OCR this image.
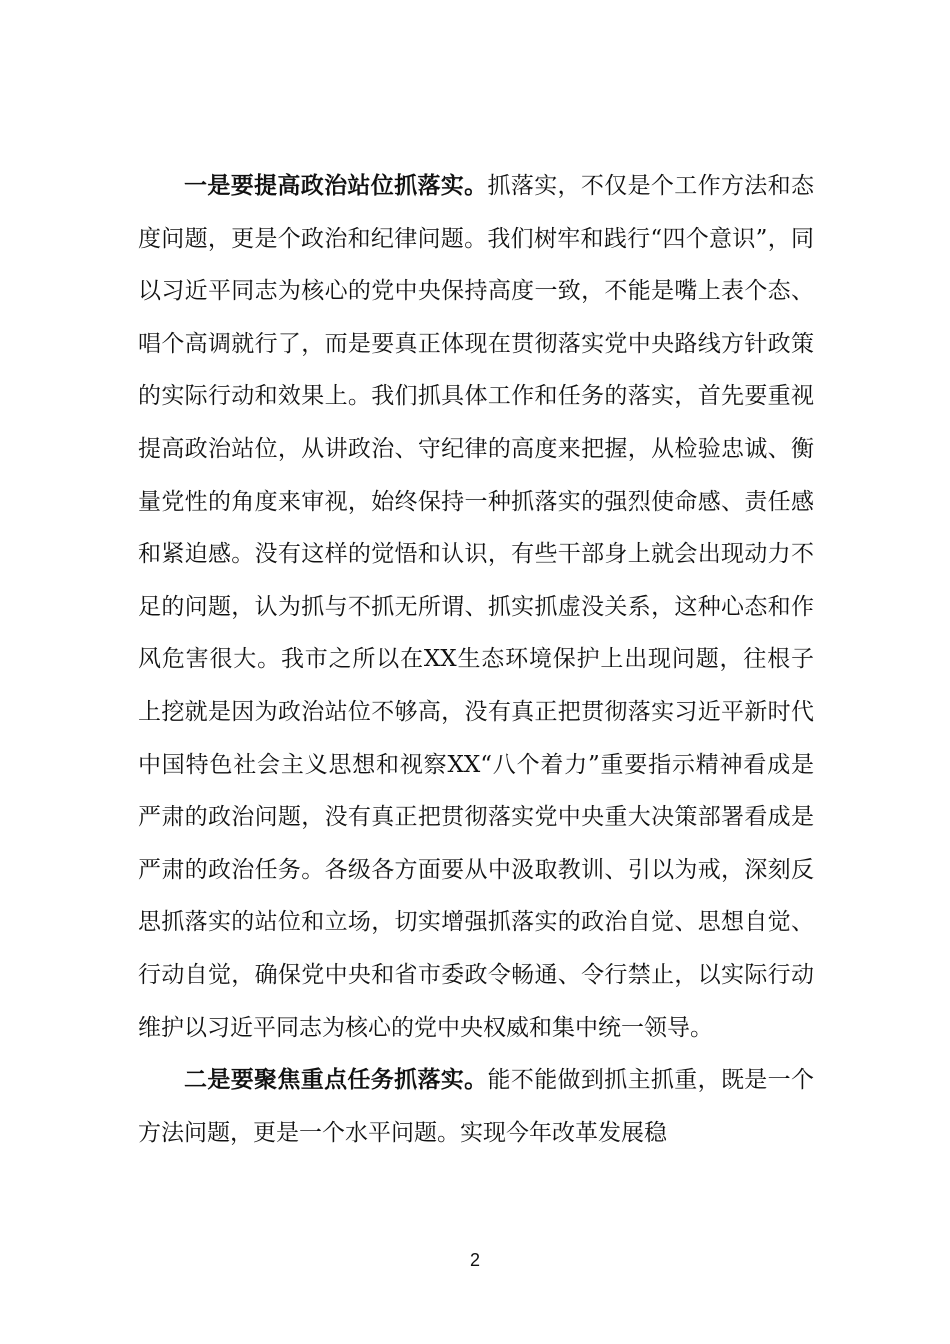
一是要提高政治站位抓落实。抓落实，不仅是个工作方法和态度问题，更是个政治和纪律问题。我们树牢和践行“四个意识”，同以习近平同志为核心的党中央保持高度一致，不能是嘴上表个态、唱个高调就行了，而是要真正体现在贯彻落实党中央路线方针政策的实际行动和效果上。我们抓具体工作和任务的落实，首先要重视提高政治站位，从讲政治、守纪律的高度来把握，从检验忠诚、衡量党性的角度来审视，始终保持一种抓落实的强烈使命感、责任感和紧迫感。没有这样的觉悟和认识，有些干部身上就会出现动力不足的问题，认为抓与不抓无所谓、抓实抓虚没关系，这种心态和作风危害很大。我市之所以在XX生态环境保护上出现问题，往根子上挖就是因为政治站位不够高，没有真正把贯彻落实习近平新时代中国特色社会主义思想和视察XX“八个着力”重要指示精神看成是严肃的政治问题，没有真正把贯彻落实党中央重大决策部署看成是严肃的政治任务。各级各方面要从中汲取教训、引以为戒，深刻反思抓落实的站位和立场，切实增强抓落实的政治自觉、思想自觉、行动自觉，确保党中央和省市委政令畅通、令行禁止，以实际行动维护以习近平同志为核心的党中央权威和集中统一领导。

二是要聚焦重点任务抓落实。能不能做到抓主抓重，既是一个方法问题，更是一个水平问题。实现今年改革发展稳

2
